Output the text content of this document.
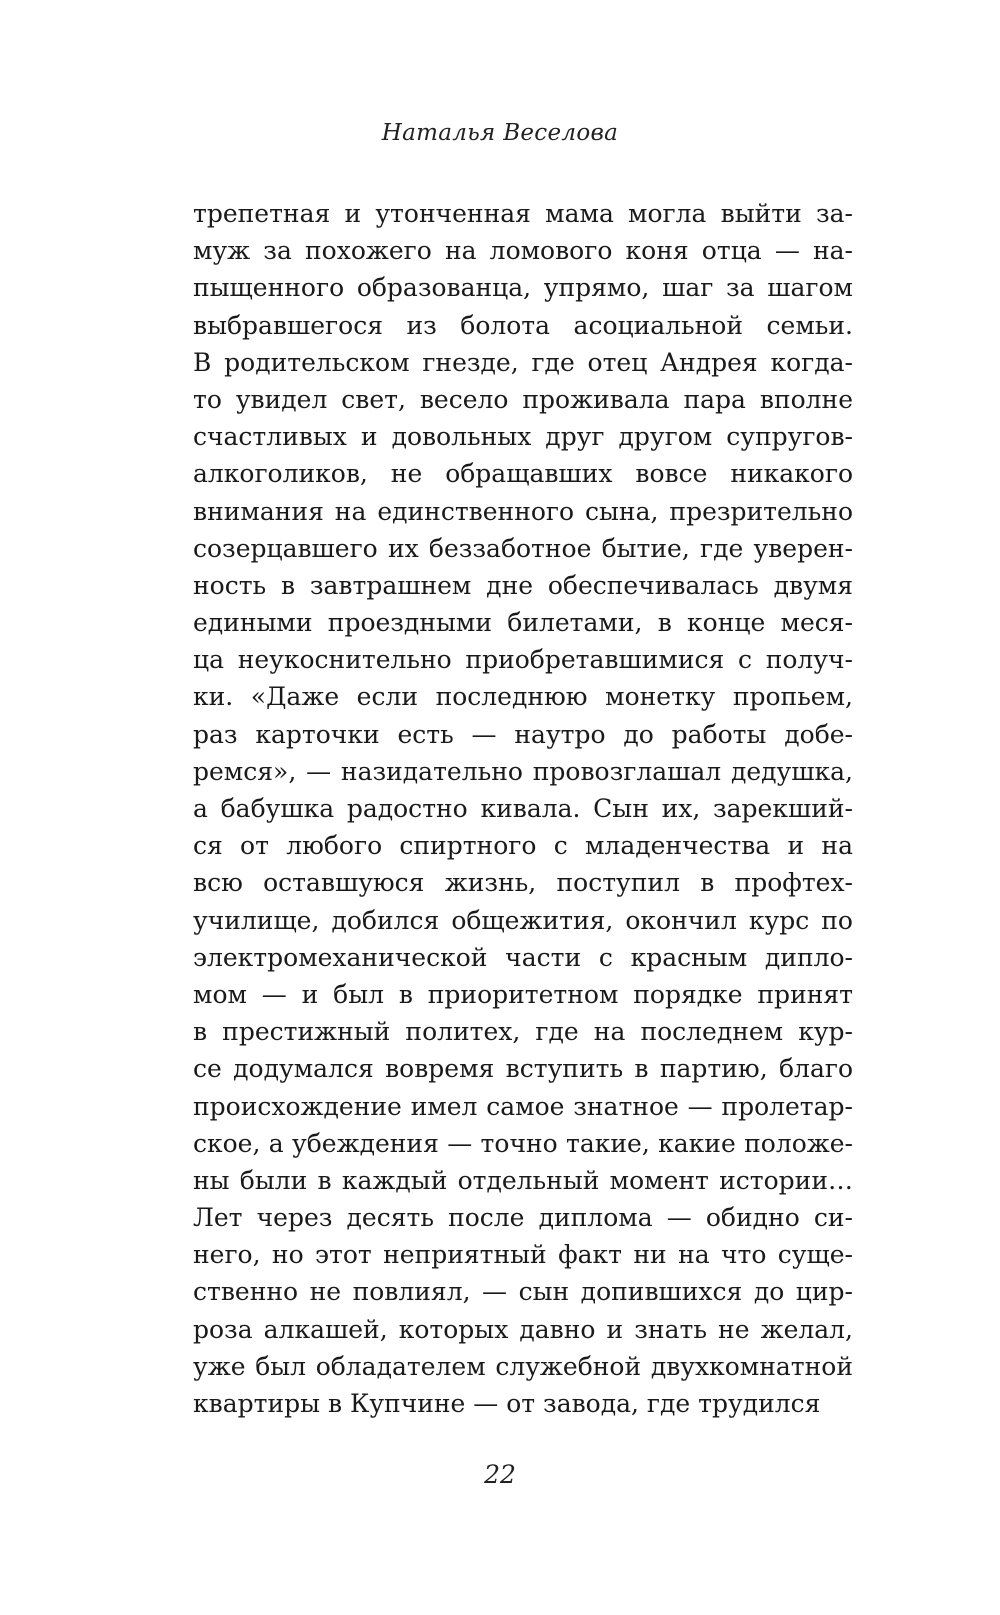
Наталья Веселова
трепетная и утонченная мама могла выйти за-
муж за похожего на ломового коня отца — на-
пыщенного образованца, упрямо, шаг за шагом
выбравшегося из болота асоциальной семьи.
В родительском гнезде, где отец Андрея когда-
то увидел свет, весело проживала пара вполне
счастливых и довольных друг другом супругов-
алкоголиков, не обращавших вовсе никакого
внимания на единственного сына, презрительно
созерцавшего их беззаботное бытие, где уверен-
ность в завтрашнем дне обеспечивалась двумя
едиными проездными билетами, в конце меся-
ца неукоснительно приобретавшимися с получ-
ки. «Даже если последнюю монетку пропьем,
раз карточки есть — наутро до работы добе-
ремся», — назидательно провозглашал дедушка,
а бабушка радостно кивала. Сын их, зарекший-
ся от любого спиртного с младенчества и на
всю оставшуюся жизнь, поступил в профтех-
училище, добился общежития, окончил курс по
электромеханической части с красным дипло-
мом — и был в приоритетном порядке принят
в престижный политех, где на последнем кур-
се додумался вовремя вступить в партию, благо
происхождение имел самое знатное — пролетар-
ское, а убеждения — точно такие, какие положе-
ны были в каждый отдельный момент истории…
Лет через десять после диплома — обидно си-
него, но этот неприятный факт ни на что суще-
ственно не повлиял, — сын допившихся до цир-
роза алкашей, которых давно и знать не желал,
уже был обладателем служебной двухкомнатной
квартиры в Купчине — от завода, где трудился
22
